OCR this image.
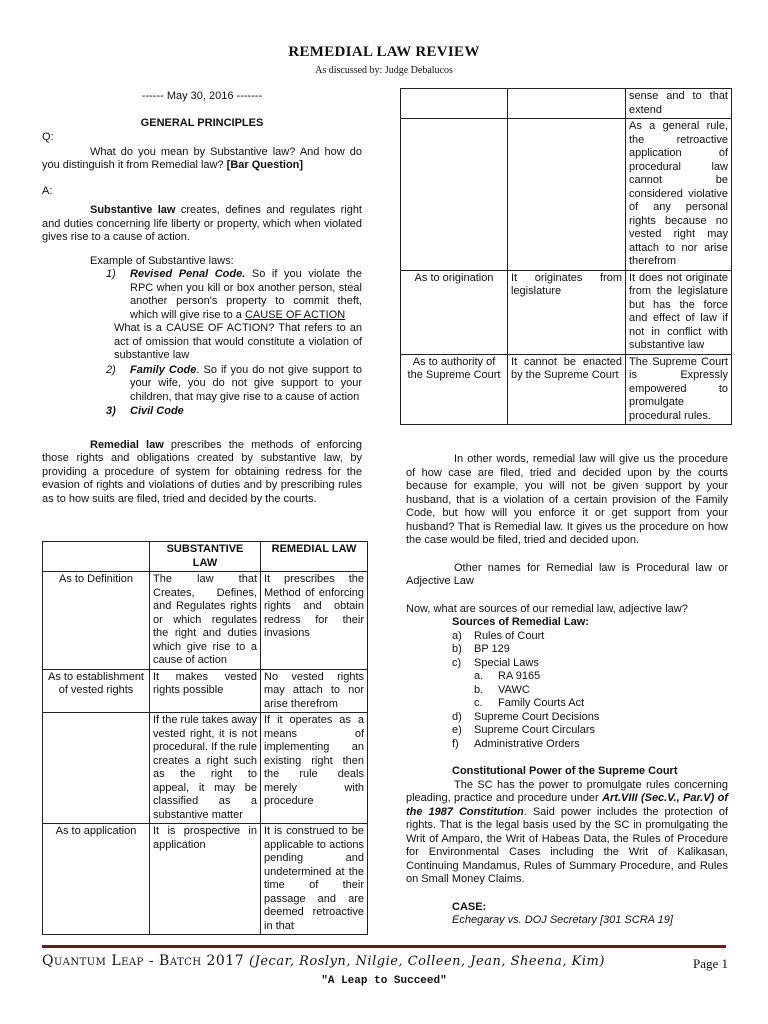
REMEDIAL LAW REVIEW
As discussed by: Judge Debalucos

------ May 30, 2016 -------

GENERAL PRINCIPLES

Q:

What do you mean by Substantive law? And how do you distinguish it from Remedial law? [Bar Question]

A:

Substantive law creates, defines and regulates right and duties concerning life liberty or property, which when violated gives rise to a cause of action.

Example of Substantive laws:

1) Revised Penal Code. So if you violate the RPC when you kill or box another person, steal another person's property to commit theft, which will give rise to a CAUSE OF ACTION

What is a CAUSE OF ACTION? That refers to an act of omission that would constitute a violation of substantive law

2) Family Code. So if you do not give support to your wife, you do not give support to your children, that may give rise to a cause of action

3) Civil Code

Remedial law prescribes the methods of enforcing those rights and obligations created by substantive law, by providing a procedure of system for obtaining redress for the evasion of rights and violations of duties and by prescribing rules as to how suits are filed, tried and decided by the courts.

	SUBSTANTIVE LAW	REMEDIAL LAW
As to Definition	The law that Creates, Defines, and Regulates rights or which regulates the right and duties which give rise to a cause of action	It prescribes the Method of enforcing rights and obtain redress for their invasions
As to establishment of vested rights	It makes vested rights possible	No vested rights may attach to nor arise therefrom
	If the rule takes away vested right, it is not procedural. If the rule creates a right such as the right to appeal, it may be classified as a substantive matter	If it operates as a means of implementing an existing right then the rule deals merely with procedure
As to application	It is prospective in application	It is construed to be applicable to actions pending and undetermined at the time of their passage and are deemed retroactive in that
		sense and to that extend
		As a general rule, the retroactive application of procedural law cannot be considered violative of any personal rights because no vested right may attach to nor arise therefrom
As to origination	It originates from legislature	It does not originate from the legislature but has the force and effect of law if not in conflict with substantive law
As to authority of the Supreme Court	It cannot be enacted by the Supreme Court	The Supreme Court is Expressly empowered to promulgate procedural rules.

In other words, remedial law will give us the procedure of how case are filed, tried and decided upon by the courts because for example, you will not be given support by your husband, that is a violation of a certain provision of the Family Code, but how will you enforce it or get support from your husband? That is Remedial law. It gives us the procedure on how the case would be filed, tried and decided upon.

Other names for Remedial law is Procedural law or Adjective Law

Now, what are sources of our remedial law, adjective law?

Sources of Remedial Law:

a) Rules of Court
b) BP 129
c) Special Laws
a. RA 9165
b. VAWC
c. Family Courts Act
d) Supreme Court Decisions
e) Supreme Court Circulars
f) Administrative Orders

Constitutional Power of the Supreme Court

The SC has the power to promulgate rules concerning pleading, practice and procedure under Art.VIII (Sec.V., Par.V) of the 1987 Constitution. Said power includes the protection of rights. That is the legal basis used by the SC in promulgating the Writ of Amparo, the Writ of Habeas Data, the Rules of Procedure for Environmental Cases including the Writ of Kalikasan, Continuing Mandamus, Rules of Summary Procedure, and Rules on Small Money Claims.

CASE:

Echegaray vs. DOJ Secretary [301 SCRA 19]

Quantum Leap - Batch 2017 (Jecar, Roslyn, Nilgie, Colleen, Jean, Sheena, Kim)	Page 1
"A Leap to Succeed"
